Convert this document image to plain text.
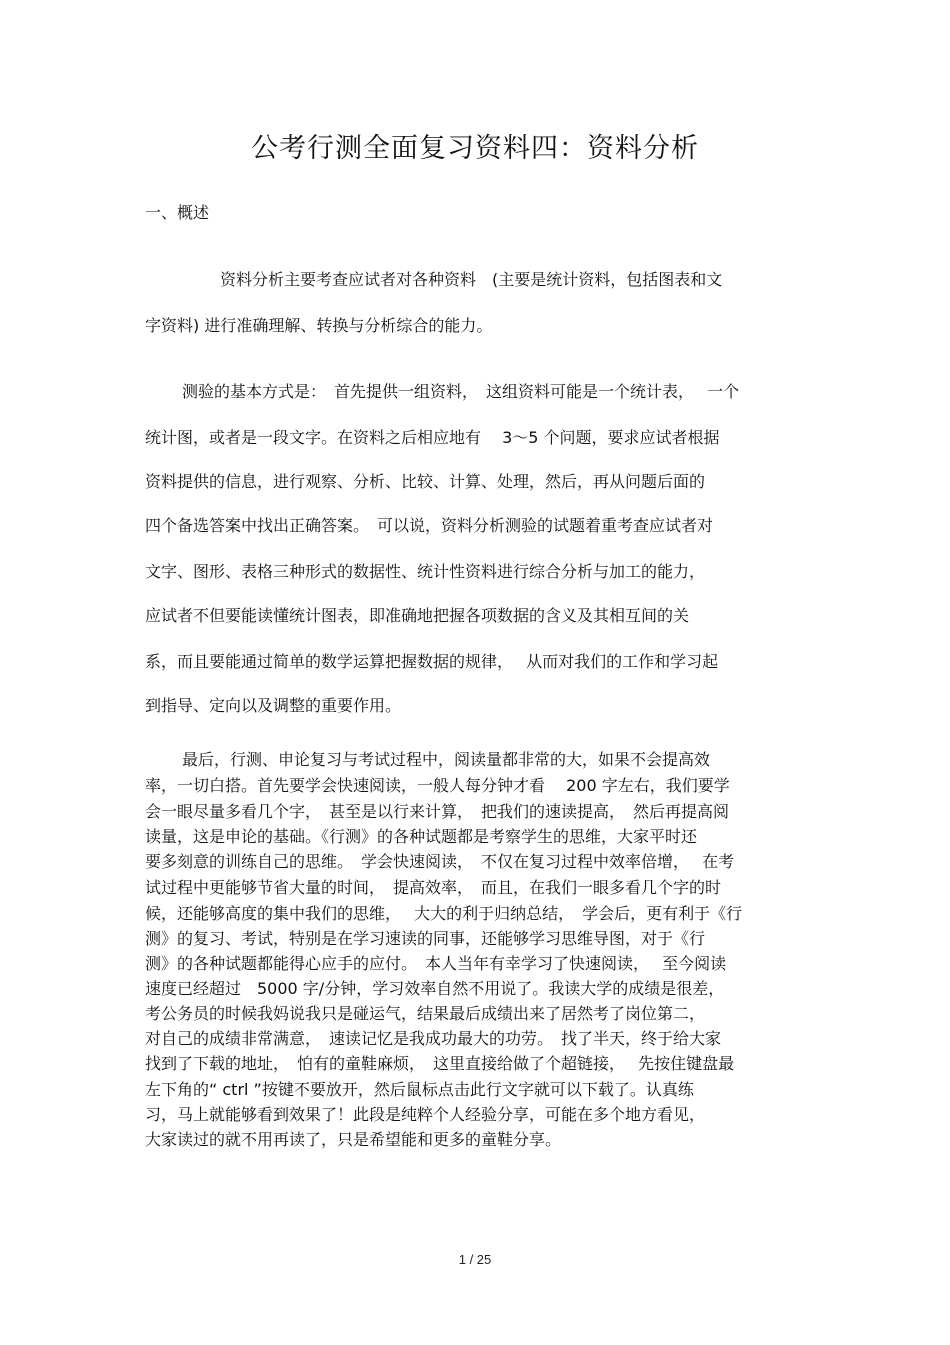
公考行测全面复习资料四：资料分析
一、概述
资料分析主要考查应试者对各种资料　(主要是统计资料，包括图表和文
字资料) 进行准确理解、转换与分析综合的能力。
测验的基本方式是：　首先提供一组资料，　这组资料可能是一个统计表，　 一个
统计图，或者是一段文字。在资料之后相应地有　 3～5 个问题，要求应试者根据
资料提供的信息，进行观察、分析、比较、计算、处理，然后，再从问题后面的
四个备选答案中找出正确答案。　可以说，资料分析测验的试题着重考查应试者对
文字、图形、表格三种形式的数据性、统计性资料进行综合分析与加工的能力，
应试者不但要能读懂统计图表，即准确地把握各项数据的含义及其相互间的关
系，而且要能通过简单的数学运算把握数据的规律，　 从而对我们的工作和学习起
到指导、定向以及调整的重要作用。
最后，行测、申论复习与考试过程中，阅读量都非常的大，如果不会提高效
率，一切白搭。首先要学会快速阅读，一般人每分钟才看　 200 字左右，我们要学
会一眼尽量多看几个字，　甚至是以行来计算，　把我们的速读提高，　然后再提高阅
读量，这是申论的基础。《行测》的各种试题都是考察学生的思维，大家平时还
要多刻意的训练自己的思维。　学会快速阅读，　不仅在复习过程中效率倍增，　 在考
试过程中更能够节省大量的时间，　提高效率，　而且，在我们一眼多看几个字的时
候，还能够高度的集中我们的思维，　 大大的利于归纳总结，　学会后，更有利于《行
测》的复习、考试，特别是在学习速读的同事，还能够学习思维导图，对于《行
测》的各种试题都能得心应手的应付。　本人当年有幸学习了快速阅读，　 至今阅读
速度已经超过　5000 字/分钟，学习效率自然不用说了。我读大学的成绩是很差，
考公务员的时候我妈说我只是碰运气，结果最后成绩出来了居然考了岗位第二，
对自己的成绩非常满意，　速读记忆是我成功最大的功劳。　找了半天，终于给大家
找到了下载的地址，　怕有的童鞋麻烦，　这里直接给做了个超链接，　 先按住键盘最
左下角的“ ctrl ”按键不要放开，然后鼠标点击此行文字就可以下载了。认真练
习，马上就能够看到效果了！此段是纯粹个人经验分享，可能在多个地方看见，
大家读过的就不用再读了，只是希望能和更多的童鞋分享。
1 / 25
